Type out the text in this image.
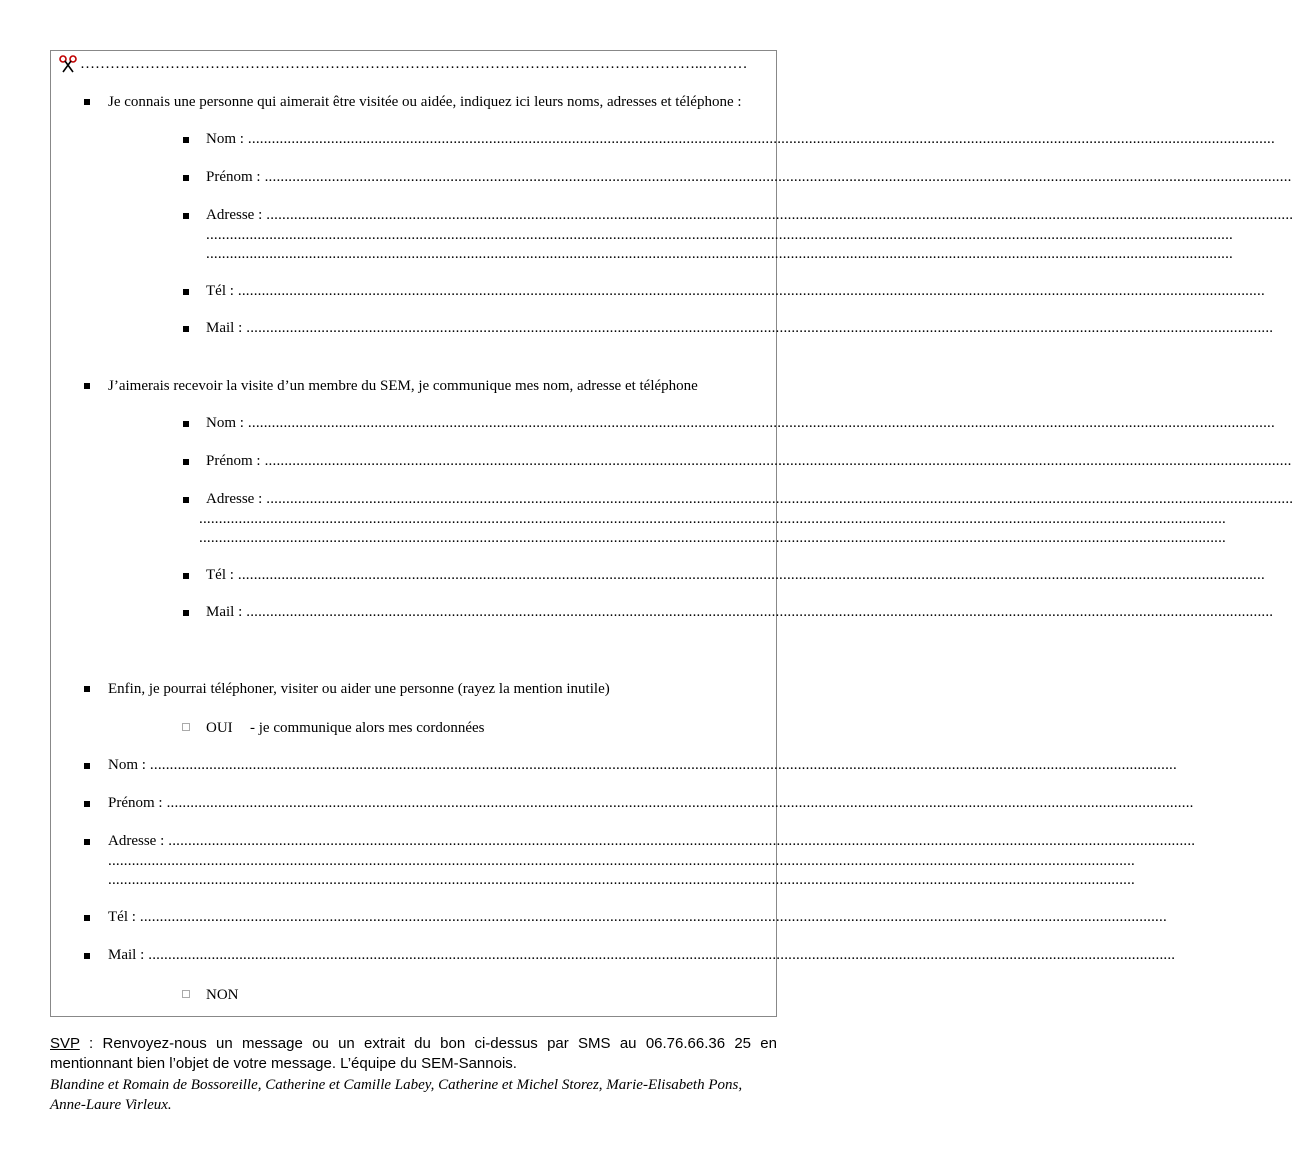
……………………………………………………………………………………………………………..………
Je connais une personne qui aimerait être visitée ou aidée, indiquez ici leurs noms, adresses et téléphone :
Nom : ....................................................................................................................................................................................................................................................................
Prénom : ....................................................................................................................................................................................................................................................................
Adresse : ....................................................................................................................................................................................................................................................................
....................................................................................................................................................................................................................................................................
....................................................................................................................................................................................................................................................................
Tél : ....................................................................................................................................................................................................................................................................
Mail : ....................................................................................................................................................................................................................................................................
J’aimerais recevoir la visite d’un membre du SEM, je communique mes nom, adresse et téléphone
Nom : ....................................................................................................................................................................................................................................................................
Prénom : ....................................................................................................................................................................................................................................................................
Adresse : ....................................................................................................................................................................................................................................................................
....................................................................................................................................................................................................................................................................
....................................................................................................................................................................................................................................................................
Tél : ....................................................................................................................................................................................................................................................................
Mail : ....................................................................................................................................................................................................................................................................
Enfin, je pourrai téléphoner, visiter ou aider une personne (rayez la mention inutile)
OUI - je communique alors mes cordonnées
Nom : ....................................................................................................................................................................................................................................................................
Prénom : ....................................................................................................................................................................................................................................................................
Adresse : ....................................................................................................................................................................................................................................................................
....................................................................................................................................................................................................................................................................
....................................................................................................................................................................................................................................................................
Tél : ....................................................................................................................................................................................................................................................................
Mail : ....................................................................................................................................................................................................................................................................
NON
SVP : Renvoyez-nous un message ou un extrait du bon ci-dessus par SMS au 06.76.66.36 25 en mentionnant bien l’objet de votre message. L’équipe du SEM-Sannois.
Blandine et Romain de Bossoreille, Catherine et Camille Labey, Catherine et Michel Storez, Marie-Elisabeth Pons, Anne-Laure Virleux.
